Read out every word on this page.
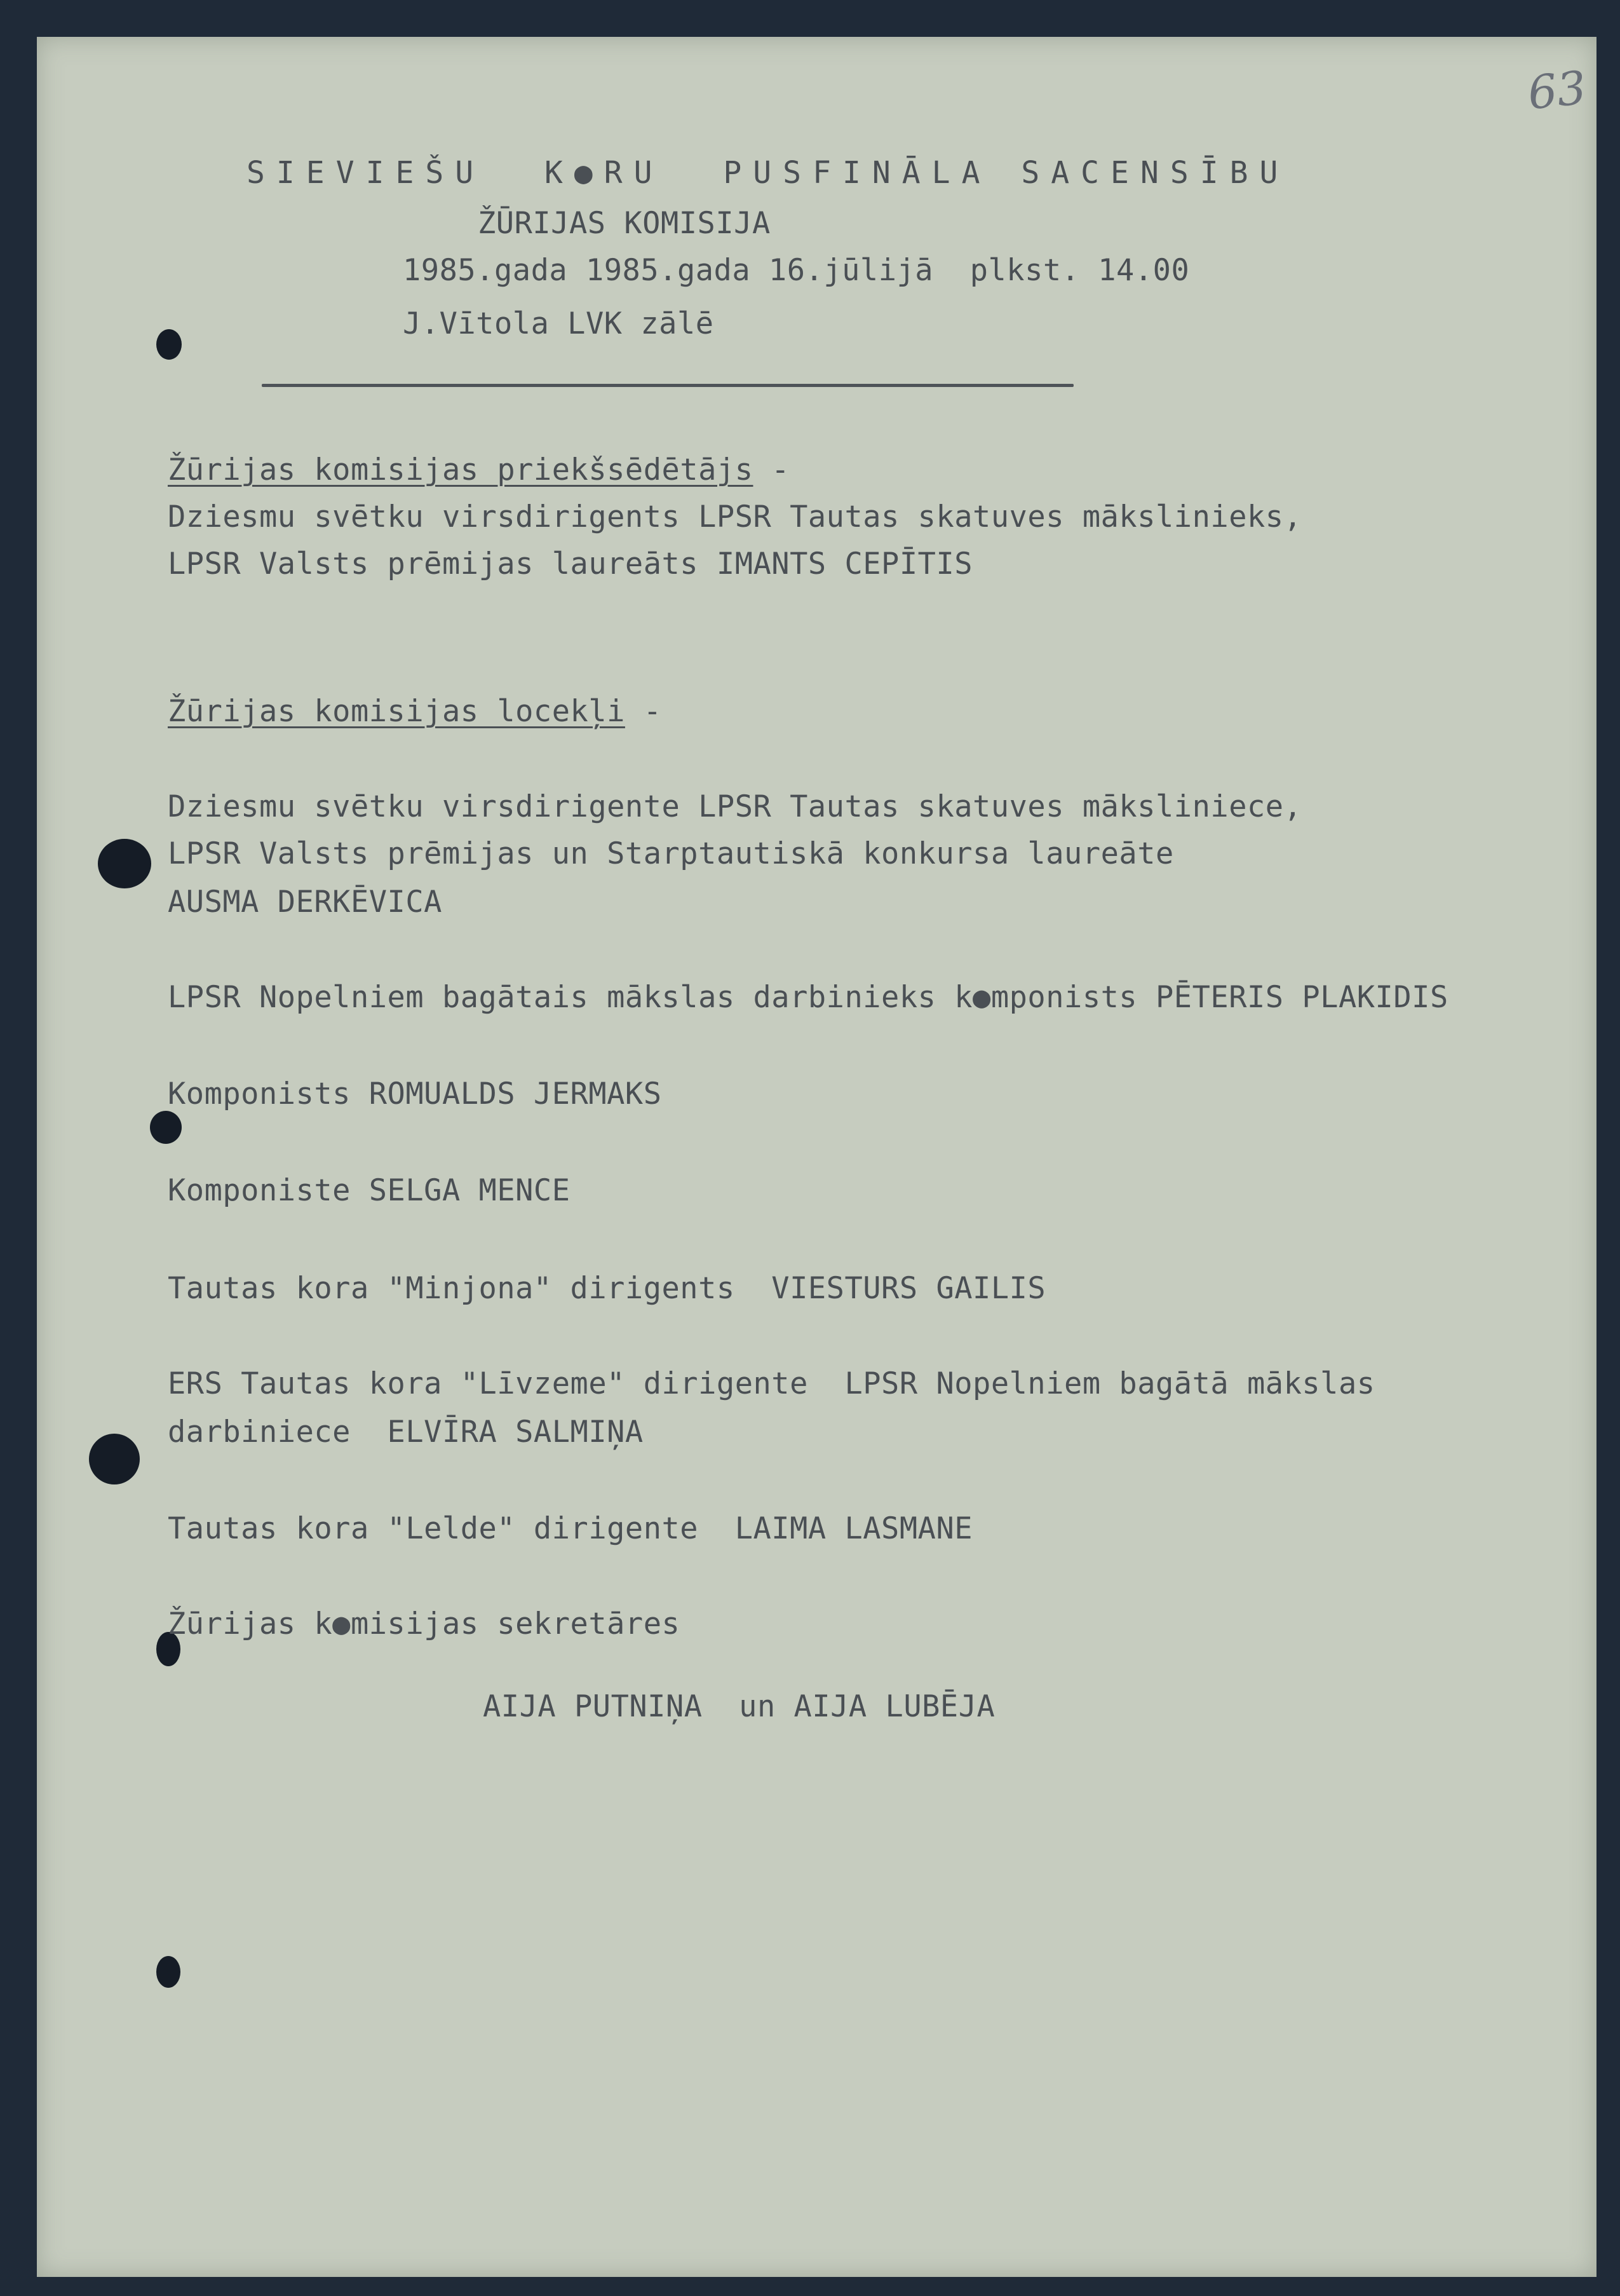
63
SIEVIEŠU  K●RU  PUSFINĀLA SACENSĪBU
ŽŪRIJAS KOMISIJA
1985.gada 1985.gada 16.jūlijā  plkst. 14.00
J.Vītola LVK zālē
Žūrijas komisijas priekšsēdētājs -
Dziesmu svētku virsdirigents LPSR Tautas skatuves mākslinieks,
LPSR Valsts prēmijas laureāts IMANTS CEPĪTIS
Žūrijas komisijas locekļi -
Dziesmu svētku virsdirigente LPSR Tautas skatuves māksliniece,
LPSR Valsts prēmijas un Starptautiskā konkursa laureāte
AUSMA DERKĒVICA
LPSR Nopelniem bagātais mākslas darbinieks k●mponists PĒTERIS PLAKIDIS
Komponists ROMUALDS JERMAKS
Komponiste SELGA MENCE
Tautas kora "Minjona" dirigents  VIESTURS GAILIS
ERS Tautas kora "Līvzeme" dirigente  LPSR Nopelniem bagātā mākslas
darbiniece  ELVĪRA SALMIŅA
Tautas kora "Lelde" dirigente  LAIMA LASMANE
Žūrijas k●misijas sekretāres
AIJA PUTNIŅA  un AIJA LUBĒJA
